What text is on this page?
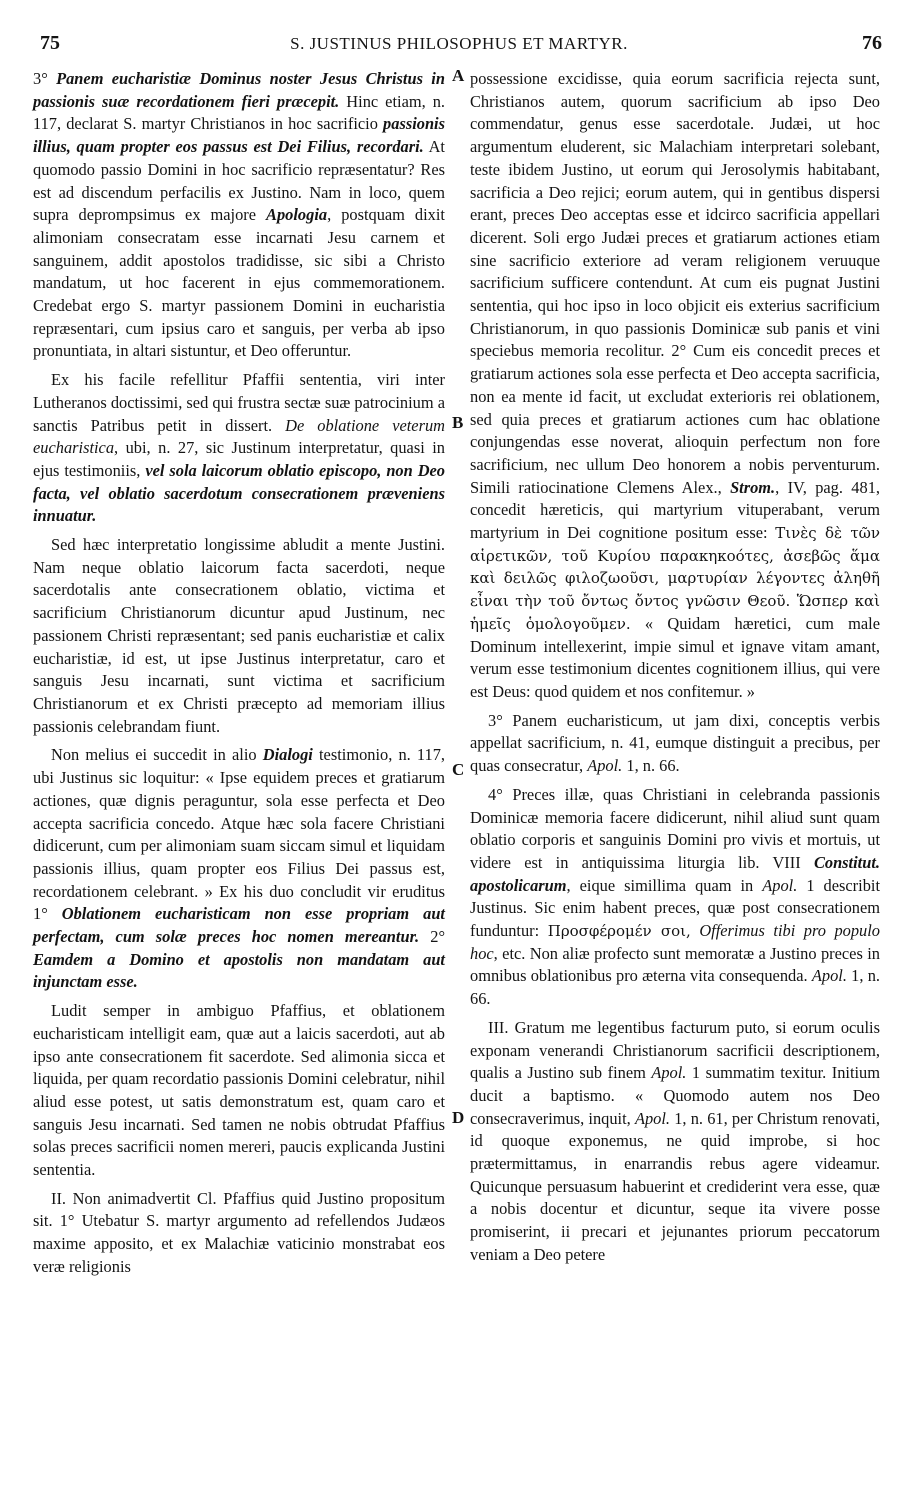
75	S. JUSTINUS PHILOSOPHUS ET MARTYR.	76
A
B
C
D

3° Panem eucharistiæ Dominus noster Jesus Christus in passionis suæ recordationem fieri præcepit. Hinc etiam, n. 117, declarat S. martyr Christianos in hoc sacrificio passionis illius, quam propter eos passus est Dei Filius, recordari. At quomodo passio Domini in hoc sacrificio repræsentatur? Res est ad discendum perfacilis ex Justino. Nam in loco, quem supra deprompsimus ex majore Apologia, postquam dixit alimoniam consecratam esse incarnati Jesu carnem et sanguinem, addit apostolos tradidisse, sic sibi a Christo mandatum, ut hoc facerent in ejus commemorationem. Credebat ergo S. martyr passionem Domini in eucharistia repræsentari, cum ipsius caro et sanguis, per verba ab ipso pronuntiata, in altari sistuntur, et Deo offeruntur.

Ex his facile refellitur Pfaffii sententia, viri inter Lutheranos doctissimi, sed qui frustra sectæ suæ patrocinium a sanctis Patribus petit in dissert. De oblatione veterum eucharistica, ubi, n. 27, sic Justinum interpretatur, quasi in ejus testimoniis, vel sola laicorum oblatio episcopo, non Deo facta, vel oblatio sacerdotum consecrationem præveniens innuatur.

Sed hæc interpretatio longissime abludit a mente Justini. Nam neque oblatio laicorum facta sacerdoti, neque sacerdotalis ante consecrationem oblatio, victima et sacrificium Christianorum dicuntur apud Justinum, nec passionem Christi repræsentant; sed panis eucharistiæ et calix eucharistiæ, id est, ut ipse Justinus interpretatur, caro et sanguis Jesu incarnati, sunt victima et sacrificium Christianorum et ex Christi præcepto ad memoriam illius passionis celebrandam fiunt.

Non melius ei succedit in alio Dialogi testimonio, n. 117, ubi Justinus sic loquitur: « Ipse equidem preces et gratiarum actiones, quæ dignis peraguntur, sola esse perfecta et Deo accepta sacrificia concedo. Atque hæc sola facere Christiani didicerunt, cum per alimoniam suam siccam simul et liquidam passionis illius, quam propter eos Filius Dei passus est, recordationem celebrant. » Ex his duo concludit vir eruditus 1° Oblationem eucharisticam non esse propriam aut perfectam, cum solæ preces hoc nomen mereantur. 2° Eamdem a Domino et apostolis non mandatam aut injunctam esse.

Ludit semper in ambiguo Pfaffius, et oblationem eucharisticam intelligit eam, quæ aut a laicis sacerdoti, aut ab ipso ante consecrationem fit sacerdote. Sed alimonia sicca et liquida, per quam recordatio passionis Domini celebratur, nihil aliud esse potest, ut satis demonstratum est, quam caro et sanguis Jesu incarnati. Sed tamen ne nobis obtrudat Pfaffius solas preces sacrificii nomen mereri, paucis explicanda Justini sententia.

II. Non animadvertit Cl. Pfaffius quid Justino propositum sit. 1° Utebatur S. martyr argumento ad refellendos Judæos maxime apposito, et ex Malachiæ vaticinio monstrabat eos veræ religionis

possessione excidisse, quia eorum sacrificia rejecta sunt, Christianos autem, quorum sacrificium ab ipso Deo commendatur, genus esse sacerdotale. Judæi, ut hoc argumentum eluderent, sic Malachiam interpretari solebant, teste ibidem Justino, ut eorum qui Jerosolymis habitabant, sacrificia a Deo rejici; eorum autem, qui in gentibus dispersi erant, preces Deo acceptas esse et idcirco sacrificia appellari dicerent. Soli ergo Judæi preces et gratiarum actiones etiam sine sacrificio exteriore ad veram religionem veruuque sacrificium sufficere contendunt. At cum eis pugnat Justini sententia, qui hoc ipso in loco objicit eis exterius sacrificium Christianorum, in quo passionis Dominicæ sub panis et vini speciebus memoria recolitur. 2° Cum eis concedit preces et gratiarum actiones sola esse perfecta et Deo accepta sacrificia, non ea mente id facit, ut excludat exterioris rei oblationem, sed quia preces et gratiarum actiones cum hac oblatione conjungendas esse noverat, alioquin perfectum non fore sacrificium, nec ullum Deo honorem a nobis perventurum. Simili ratiocinatione Clemens Alex., Strom., IV, pag. 481, concedit hæreticis, qui martyrium vituperabant, verum martyrium in Dei cognitione positum esse: Τινὲς δὲ τῶν αἱρετικῶν, τοῦ Κυρίου παρακηκοότες, ἀσεβῶς ἅμα καὶ δειλῶς φιλοζωοῦσι, μαρτυρίαν λέγοντες ἀληθῆ εἶναι τὴν τοῦ ὄντως ὄντος γνῶσιν Θεοῦ. Ὥσπερ καὶ ἡμεῖς ὁμολογοῦμεν. « Quidam hæretici, cum male Dominum intellexerint, impie simul et ignave vitam amant, verum esse testimonium dicentes cognitionem illius, qui vere est Deus: quod quidem et nos confitemur. »

3° Panem eucharisticum, ut jam dixi, conceptis verbis appellat sacrificium, n. 41, eumque distinguit a precibus, per quas consecratur, Apol. 1, n. 66.

4° Preces illæ, quas Christiani in celebranda passionis Dominicæ memoria facere didicerunt, nihil aliud sunt quam oblatio corporis et sanguinis Domini pro vivis et mortuis, ut videre est in antiquissima liturgia lib. VIII Constitut. apostolicarum, eique simillima quam in Apol. 1 describit Justinus. Sic enim habent preces, quæ post consecrationem funduntur: Προσφέρομέν σοι, Offerimus tibi pro populo hoc, etc. Non aliæ profecto sunt memoratæ a Justino preces in omnibus oblationibus pro æterna vita consequenda. Apol. 1, n. 66.

III. Gratum me legentibus facturum puto, si eorum oculis exponam venerandi Christianorum sacrificii descriptionem, qualis a Justino sub finem Apol. 1 summatim texitur. Initium ducit a baptismo. « Quomodo autem nos Deo consecraverimus, inquit, Apol. 1, n. 61, per Christum renovati, id quoque exponemus, ne quid improbe, si hoc prætermittamus, in enarrandis rebus agere videamur. Quicunque persuasum habuerint et crediderint vera esse, quæ a nobis docentur et dicuntur, seque ita vivere posse promiserint, ii precari et jejunantes priorum peccatorum veniam a Deo petere
